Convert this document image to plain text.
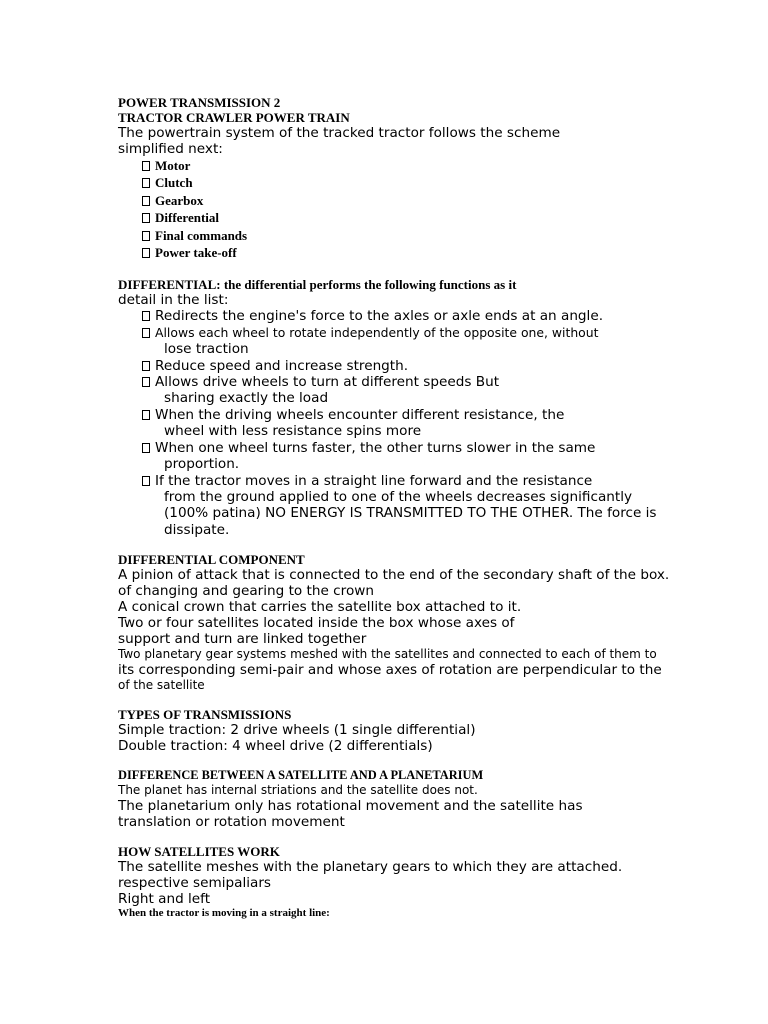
POWER TRANSMISSION 2
TRACTOR CRAWLER POWER TRAIN
The powertrain system of the tracked tractor follows the scheme
simplified next:
Motor
Clutch
Gearbox
Differential
Final commands
Power take-off
DIFFERENTIAL: the differential performs the following functions as it
detail in the list:
Redirects the engine's force to the axles or axle ends at an angle.
Allows each wheel to rotate independently of the opposite one, without
lose traction
Reduce speed and increase strength.
Allows drive wheels to turn at different speeds But
sharing exactly the load
When the driving wheels encounter different resistance, the
wheel with less resistance spins more
When one wheel turns faster, the other turns slower in the same
proportion.
If the tractor moves in a straight line forward and the resistance
from the ground applied to one of the wheels decreases significantly
(100% patina) NO ENERGY IS TRANSMITTED TO THE OTHER. The force is
dissipate.
DIFFERENTIAL COMPONENT
A pinion of attack that is connected to the end of the secondary shaft of the box.
of changing and gearing to the crown
A conical crown that carries the satellite box attached to it.
Two or four satellites located inside the box whose axes of
support and turn are linked together
Two planetary gear systems meshed with the satellites and connected to each of them to
its corresponding semi-pair and whose axes of rotation are perpendicular to the
of the satellite
TYPES OF TRANSMISSIONS
Simple traction: 2 drive wheels (1 single differential)
Double traction: 4 wheel drive (2 differentials)
DIFFERENCE BETWEEN A SATELLITE AND A PLANETARIUM
The planet has internal striations and the satellite does not.
The planetarium only has rotational movement and the satellite has
translation or rotation movement
HOW SATELLITES WORK
The satellite meshes with the planetary gears to which they are attached.
respective semipaliars
Right and left
When the tractor is moving in a straight line:
